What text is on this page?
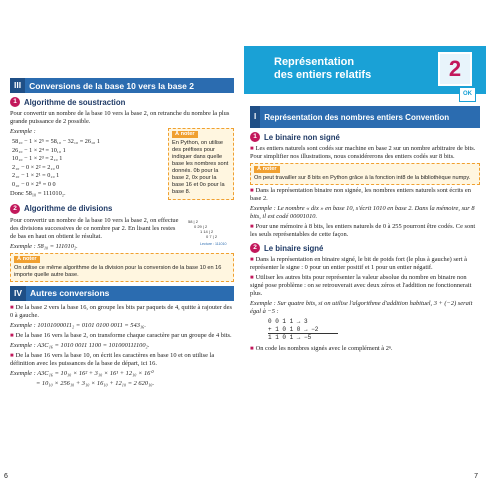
III Conversions de la base 10 vers la base 2
1 Algorithme de soustraction

Pour convertir un nombre de la base 10 vers la base 2, on retranche du nombre la plus grande puissance de 2 possible.

Exemple :

58₁₀ − 1 × 2⁵ = 58₁₀ − 32₁₀ = 26₁₀ 1
26₁₀ − 1 × 2⁴ = 10₁₀ 1
10₁₀ − 1 × 2³ = 2₁₀ 1
2₁₀ − 0 × 2² = 2₁₀ 0
2₁₀ − 1 × 2¹ = 0₁₀ 1
0₁₀ − 0 × 2⁰ = 0 0

Donc 58₁₀ = 111010₂.

À noter
En Python, on utilise des préfixes pour indiquer dans quelle base les nombres sont donnés. 0b pour la base 2, 0x pour la base 16 et 0o pour la base 8.
2 Algorithme de divisions
58 | 2
0 29 | 2
1 14 | 2
0 7 | 2
Lecture : 111010

Pour convertir un nombre de la base 10 vers la base 2, on effectue des divisions successives de ce nombre par 2. En lisant les restes de bas en haut on obtient le résultat.

Exemple : 58₁₀ = 111010₂.

À noter
On utilise ce même algorithme de la division pour la conversion de la base 10 en 16 importe quelle autre base.
IV Autres conversions

■ De la base 2 vers la base 16, on groupe les bits par paquets de 4, quitte à rajouter des 0 à gauche.

Exemple : 10101000011₂ = 0101 0100 0011 = 543₁₆.

■ De la base 16 vers la base 2, on transforme chaque caractère par un groupe de 4 bits.

Exemple : A3C₁₆ = 1010 0011 1100 = 101000111100₂.

■ De la base 16 vers la base 10, on écrit les caractères en base 10 et on utilise la définition avec les puissances de la base de départ, ici 16.

Exemple : A3C₁₆ = 10₁₀ × 16² + 3₁₀ × 16¹ + 12₁₀ × 16⁰

= 10₁₀ × 256₁₀ + 3₁₀ × 16₁₀ + 12₁₀ = 2 620₁₀.

6
Représentation
des entiers relatifs	2
OK
I	Représentation des nombres entiers Convention
1 Le binaire non signé

■ Les entiers naturels sont codés sur machine en base 2 sur un nombre arbitraire de bits. Pour simplifier nos illustrations, nous considérerons des entiers codés sur 8 bits.

À noter
On peut travailler sur 8 bits en Python grâce à la fonction int8 de la bibliothèque numpy.

■ Dans la représentation binaire non signée, les nombres entiers naturels sont écrits en base 2.

Exemple : Le nombre « dix » en base 10, s'écrit 1010 en base 2. Dans la mémoire, sur 8 bits, il est codé 00001010.

■ Pour une mémoire à 8 bits, les entiers naturels de 0 à 255 pourront être codés. Ce sont les seuls représentables de cette façon.

2 Le binaire signé

■ Dans la représentation en binaire signé, le bit de poids fort (le plus à gauche) sert à représenter le signe : 0 pour un entier positif et 1 pour un entier négatif.

■ Utiliser les autres bits pour représenter la valeur absolue du nombre en binaire non signé pose problème : on se retrouverait avec deux zéros et l'addition ne fonctionnerait plus.

Exemple : Sur quatre bits, si on utilise l'algorithme d'addition habituel, 3 + (−2) serait égal à −5 :

0 0 1 1 → 3
+ 1 0 1 0 → −2
1 1 0 1 → −5

■ On code les nombres signés avec le complément à 2ⁿ.

7
